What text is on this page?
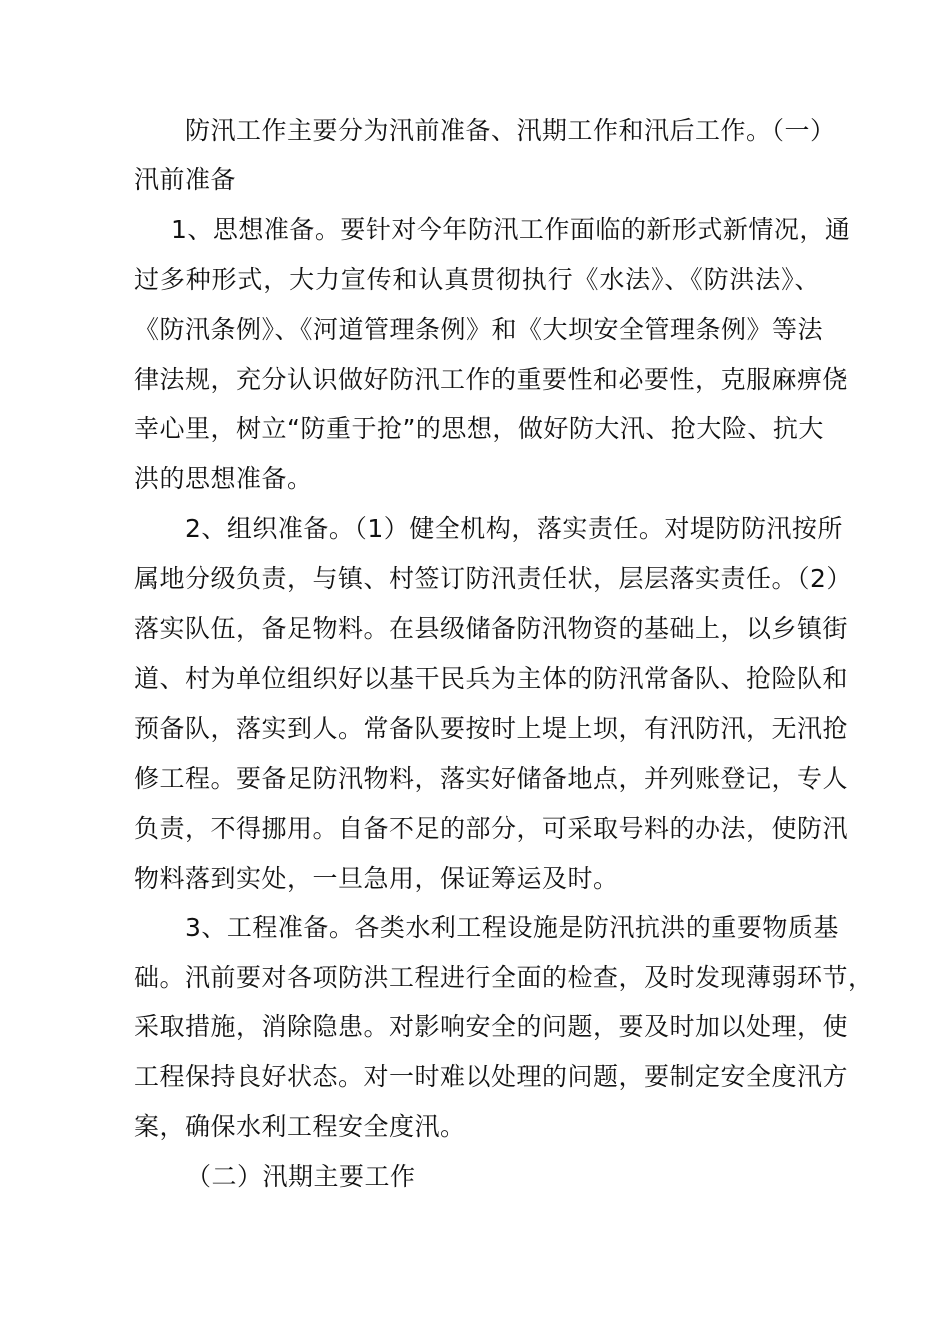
防汛工作主要分为汛前准备、汛期工作和汛后工作。（一）
汛前准备
1、思想准备。要针对今年防汛工作面临的新形式新情况，通
过多种形式，大力宣传和认真贯彻执行《水法》、《防洪法》、
《防汛条例》、《河道管理条例》和《大坝安全管理条例》等法
律法规，充分认识做好防汛工作的重要性和必要性，克服麻痹侥
幸心里，树立“防重于抢”的思想，做好防大汛、抢大险、抗大
洪的思想准备。
2、组织准备。（1）健全机构，落实责任。对堤防防汛按所
属地分级负责，与镇、村签订防汛责任状，层层落实责任。（2）
落实队伍，备足物料。在县级储备防汛物资的基础上，以乡镇街
道、村为单位组织好以基干民兵为主体的防汛常备队、抢险队和
预备队，落实到人。常备队要按时上堤上坝，有汛防汛，无汛抢
修工程。要备足防汛物料，落实好储备地点，并列账登记，专人
负责，不得挪用。自备不足的部分，可采取号料的办法，使防汛
物料落到实处，一旦急用，保证筹运及时。
3、工程准备。各类水利工程设施是防汛抗洪的重要物质基
础。汛前要对各项防洪工程进行全面的检查，及时发现薄弱环节，
采取措施，消除隐患。对影响安全的问题，要及时加以处理，使
工程保持良好状态。对一时难以处理的问题，要制定安全度汛方
案，确保水利工程安全度汛。
（二）汛期主要工作
